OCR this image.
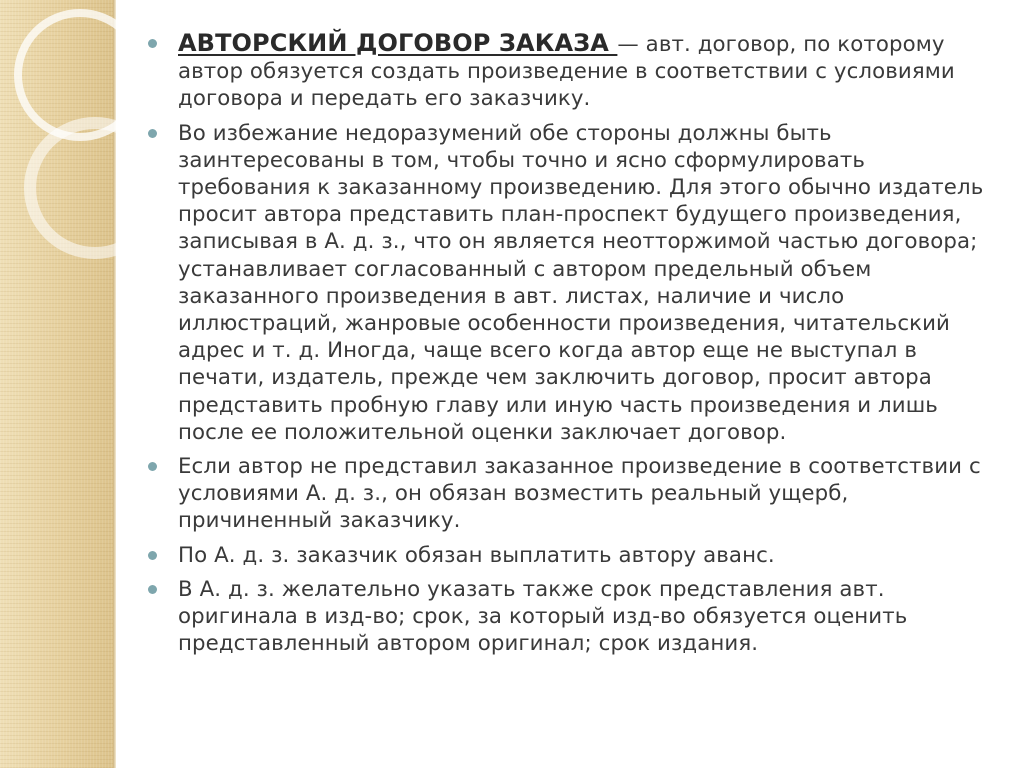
АВТОРСКИЙ ДОГОВОР ЗАКАЗА — авт. договор, по которому автор обязуется создать произведение в соответствии с условиями договора и передать его заказчику.
Во избежание недоразумений обе стороны должны быть заинтересованы в том, чтобы точно и ясно сформулировать требования к заказанному произведению. Для этого обычно издатель просит автора представить план-проспект будущего произведения, записывая в А. д. з., что он является неотторжимой частью договора; устанавливает согласованный с автором предельный объем заказанного произведения в авт. листах, наличие и число иллюстраций, жанровые особенности произведения, читательский адрес и т. д. Иногда, чаще всего когда автор еще не выступал в печати, издатель, прежде чем заключить договор, просит автора представить пробную главу или иную часть произведения и лишь после ее положительной оценки заключает договор.
Если автор не представил заказанное произведение в соответствии с условиями А. д. з., он обязан возместить реальный ущерб, причиненный заказчику.
По А. д. з. заказчик обязан выплатить автору аванс.
В А. д. з. желательно указать также срок представления авт. оригинала в изд-во; срок, за который изд-во обязуется оценить представленный автором оригинал; срок издания.
